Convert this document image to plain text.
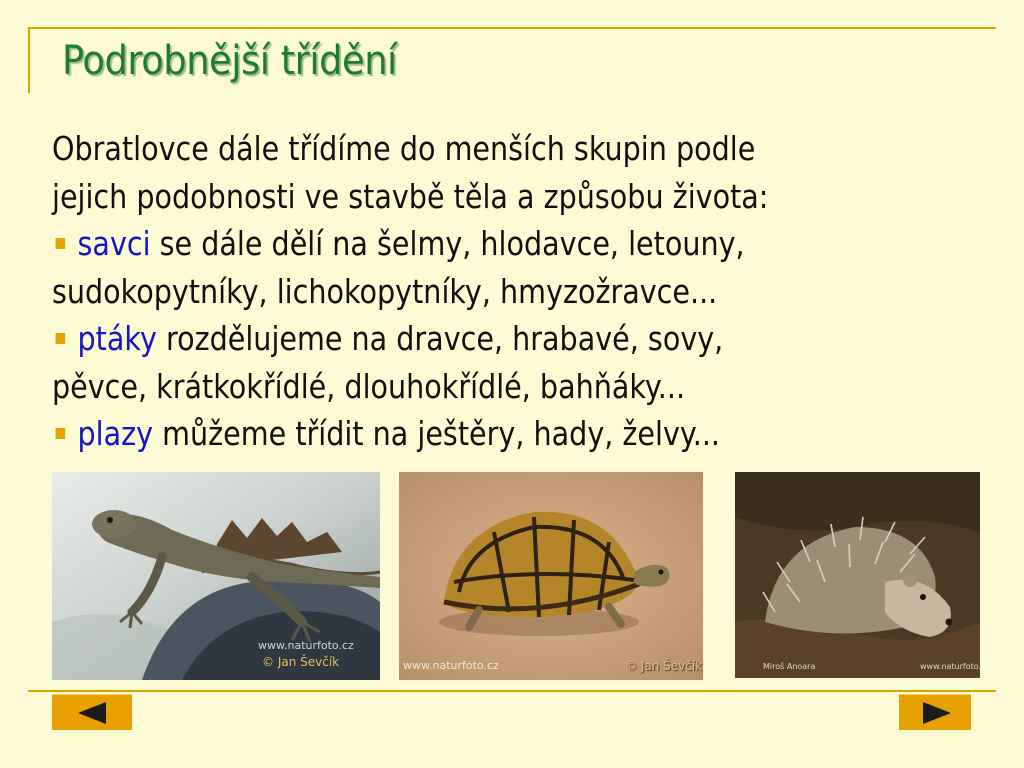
Podrobnější třídění
Obratlovce dále třídíme do menších skupin podle
jejich podobnosti ve stavbě těla a způsobu života:
savci se dále dělí na šelmy, hlodavce, letouny,
sudokopytníky, lichokopytníky, hmyzožravce...
ptáky rozdělujeme na dravce, hrabavé, sovy,
pěvce, krátkokřídlé, dlouhokřídlé, bahňáky...
plazy můžeme třídit na ještěry, hady, želvy...
www.naturfoto.cz
© Jan Ševčík	www.naturfoto.cz	© Jan Ševčík	Miroš Anoara	www.naturfoto.cz
